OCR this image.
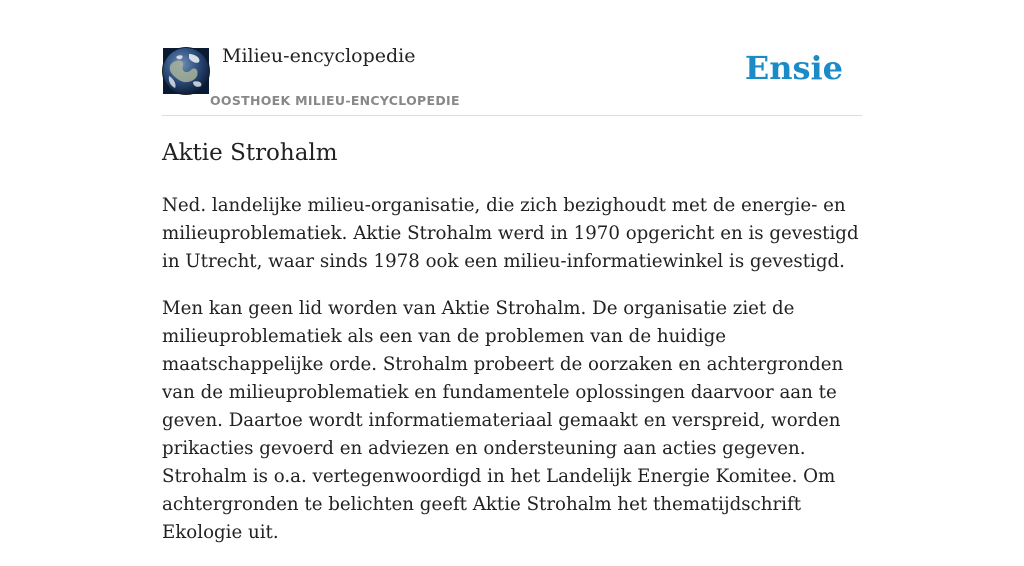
Milieu-encyclopedie
OOSTHOEK MILIEU-ENCYCLOPEDIE
Ensie
Aktie Strohalm

Ned. landelijke milieu-organisatie, die zich bezighoudt met de energie- en milieuproblematiek. Aktie Strohalm werd in 1970 opgericht en is gevestigd in Utrecht, waar sinds 1978 ook een milieu-informatiewinkel is gevestigd.

Men kan geen lid worden van Aktie Strohalm. De organisatie ziet de milieuproblematiek als een van de problemen van de huidige maatschappelijke orde. Strohalm probeert de oorzaken en achtergronden van de milieuproblematiek en fundamentele oplossingen daarvoor aan te geven. Daartoe wordt informatiemateriaal gemaakt en verspreid, worden prikacties gevoerd en adviezen en ondersteuning aan acties gegeven. Strohalm is o.a. vertegenwoordigd in het Landelijk Energie Komitee. Om achtergronden te belichten geeft Aktie Strohalm het thematijdschrift Ekologie uit.
